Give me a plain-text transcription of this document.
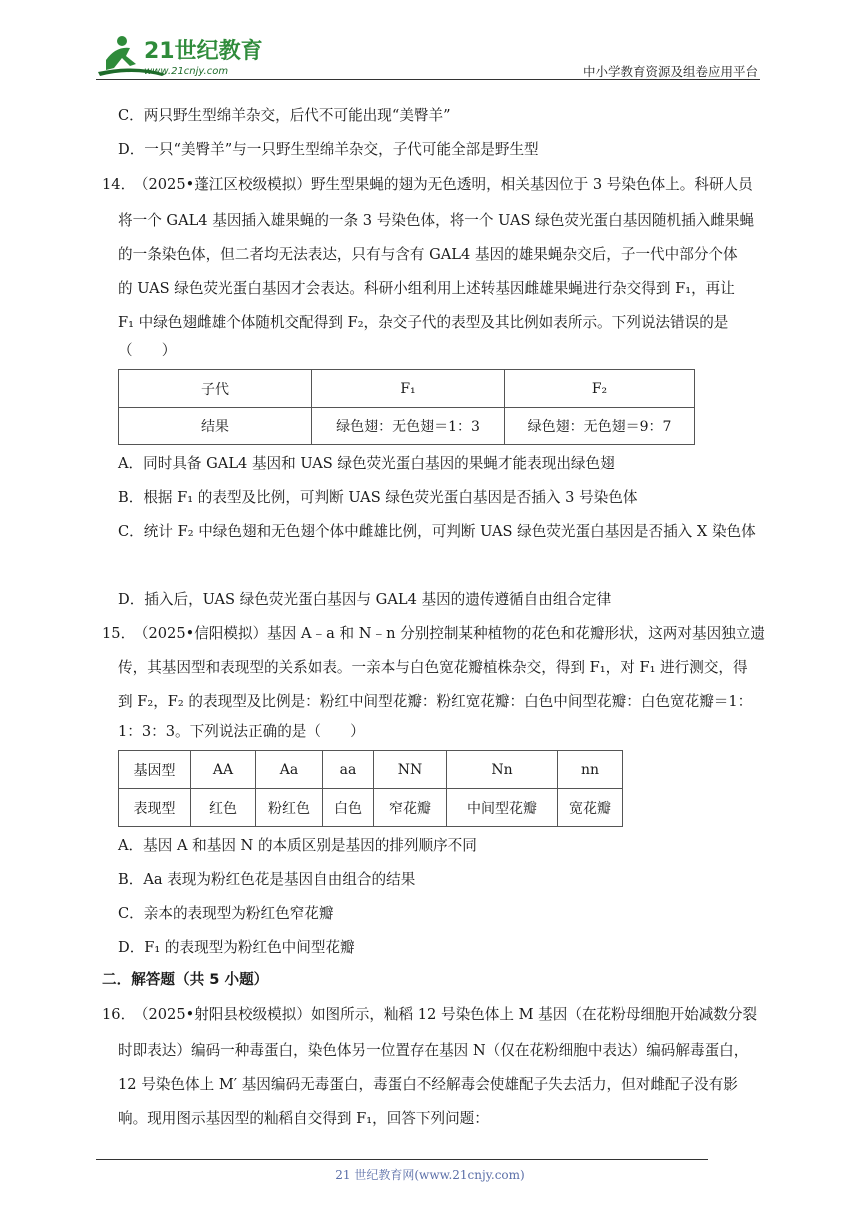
21世纪教育
www.21cnjy.com	中小学教育资源及组卷应用平台
C．两只野生型绵羊杂交，后代不可能出现“美臀羊”
D．一只“美臀羊”与一只野生型绵羊杂交，子代可能全部是野生型
14． （2025•蓬江区校级模拟）野生型果蝇的翅为无色透明，相关基因位于 3 号染色体上。科研人员
将一个 GAL4 基因插入雄果蝇的一条 3 号染色体，将一个 UAS 绿色荧光蛋白基因随机插入雌果蝇
的一条染色体，但二者均无法表达，只有与含有 GAL4 基因的雄果蝇杂交后，子一代中部分个体
的 UAS 绿色荧光蛋白基因才会表达。科研小组利用上述转基因雌雄果蝇进行杂交得到 F₁，再让
F₁ 中绿色翅雌雄个体随机交配得到 F₂，杂交子代的表型及其比例如表所示。下列说法错误的是
（　　）
子代	F₁	F₂
结果	绿色翅：无色翅＝1：3	绿色翅：无色翅＝9：7
A．同时具备 GAL4 基因和 UAS 绿色荧光蛋白基因的果蝇才能表现出绿色翅
B．根据 F₁ 的表型及比例，可判断 UAS 绿色荧光蛋白基因是否插入 3 号染色体
C．统计 F₂ 中绿色翅和无色翅个体中雌雄比例，可判断 UAS 绿色荧光蛋白基因是否插入 X 染色体
D．插入后，UAS 绿色荧光蛋白基因与 GAL4 基因的遗传遵循自由组合定律
15． （2025•信阳模拟）基因 A﹣a 和 N﹣n 分别控制某种植物的花色和花瓣形状，这两对基因独立遗
传，其基因型和表现型的关系如表。一亲本与白色宽花瓣植株杂交，得到 F₁，对 F₁ 进行测交，得
到 F₂，F₂ 的表现型及比例是：粉红中间型花瓣：粉红宽花瓣：白色中间型花瓣：白色宽花瓣＝1：
1：3：3。下列说法正确的是（　　）
基因型	AA	Aa	aa	NN	Nn	nn
表现型	红色	粉红色	白色	窄花瓣	中间型花瓣	宽花瓣
A．基因 A 和基因 N 的本质区别是基因的排列顺序不同
B．Aa 表现为粉红色花是基因自由组合的结果
C．亲本的表现型为粉红色窄花瓣
D．F₁ 的表现型为粉红色中间型花瓣
二．解答题（共 5 小题）
16． （2025•射阳县校级模拟）如图所示，籼稻 12 号染色体上 M 基因（在花粉母细胞开始减数分裂
时即表达）编码一种毒蛋白，染色体另一位置存在基因 N（仅在花粉细胞中表达）编码解毒蛋白，
12 号染色体上 M′ 基因编码无毒蛋白，毒蛋白不经解毒会使雄配子失去活力，但对雌配子没有影
响。现用图示基因型的籼稻自交得到 F₁，回答下列问题：
21 世纪教育网(www.21cnjy.com)
